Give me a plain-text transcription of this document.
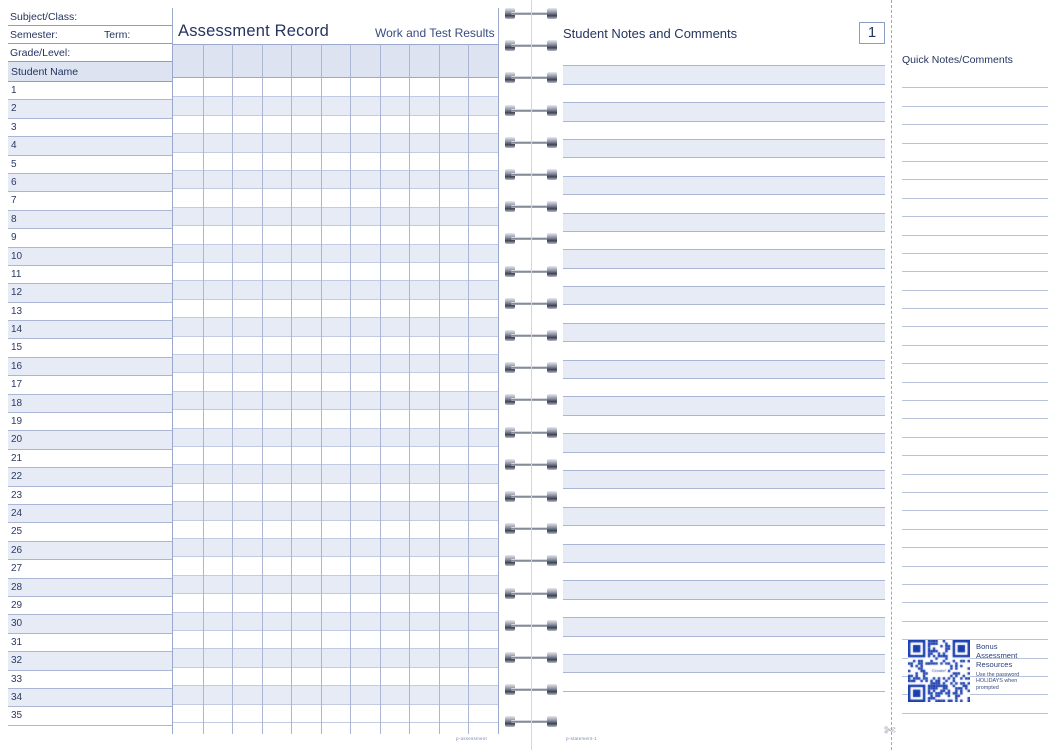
Subject/Class:
Semester:	Term:
Grade/Level:
Student Name
1
2
3
4
5
6
7
8
9
10
11
12
13
14
15
16
17
18
19
20
21
22
23
24
25
26
27
28
29
30
31
32
33
34
35
Assessment Record	Work and Test Results	Student Notes and Comments	1
✄
Quick Notes/Comments
Bonus
Assessment
Resources
Use the password
HOLIDAYS when
prompted
p-assessment	p-statement-1
